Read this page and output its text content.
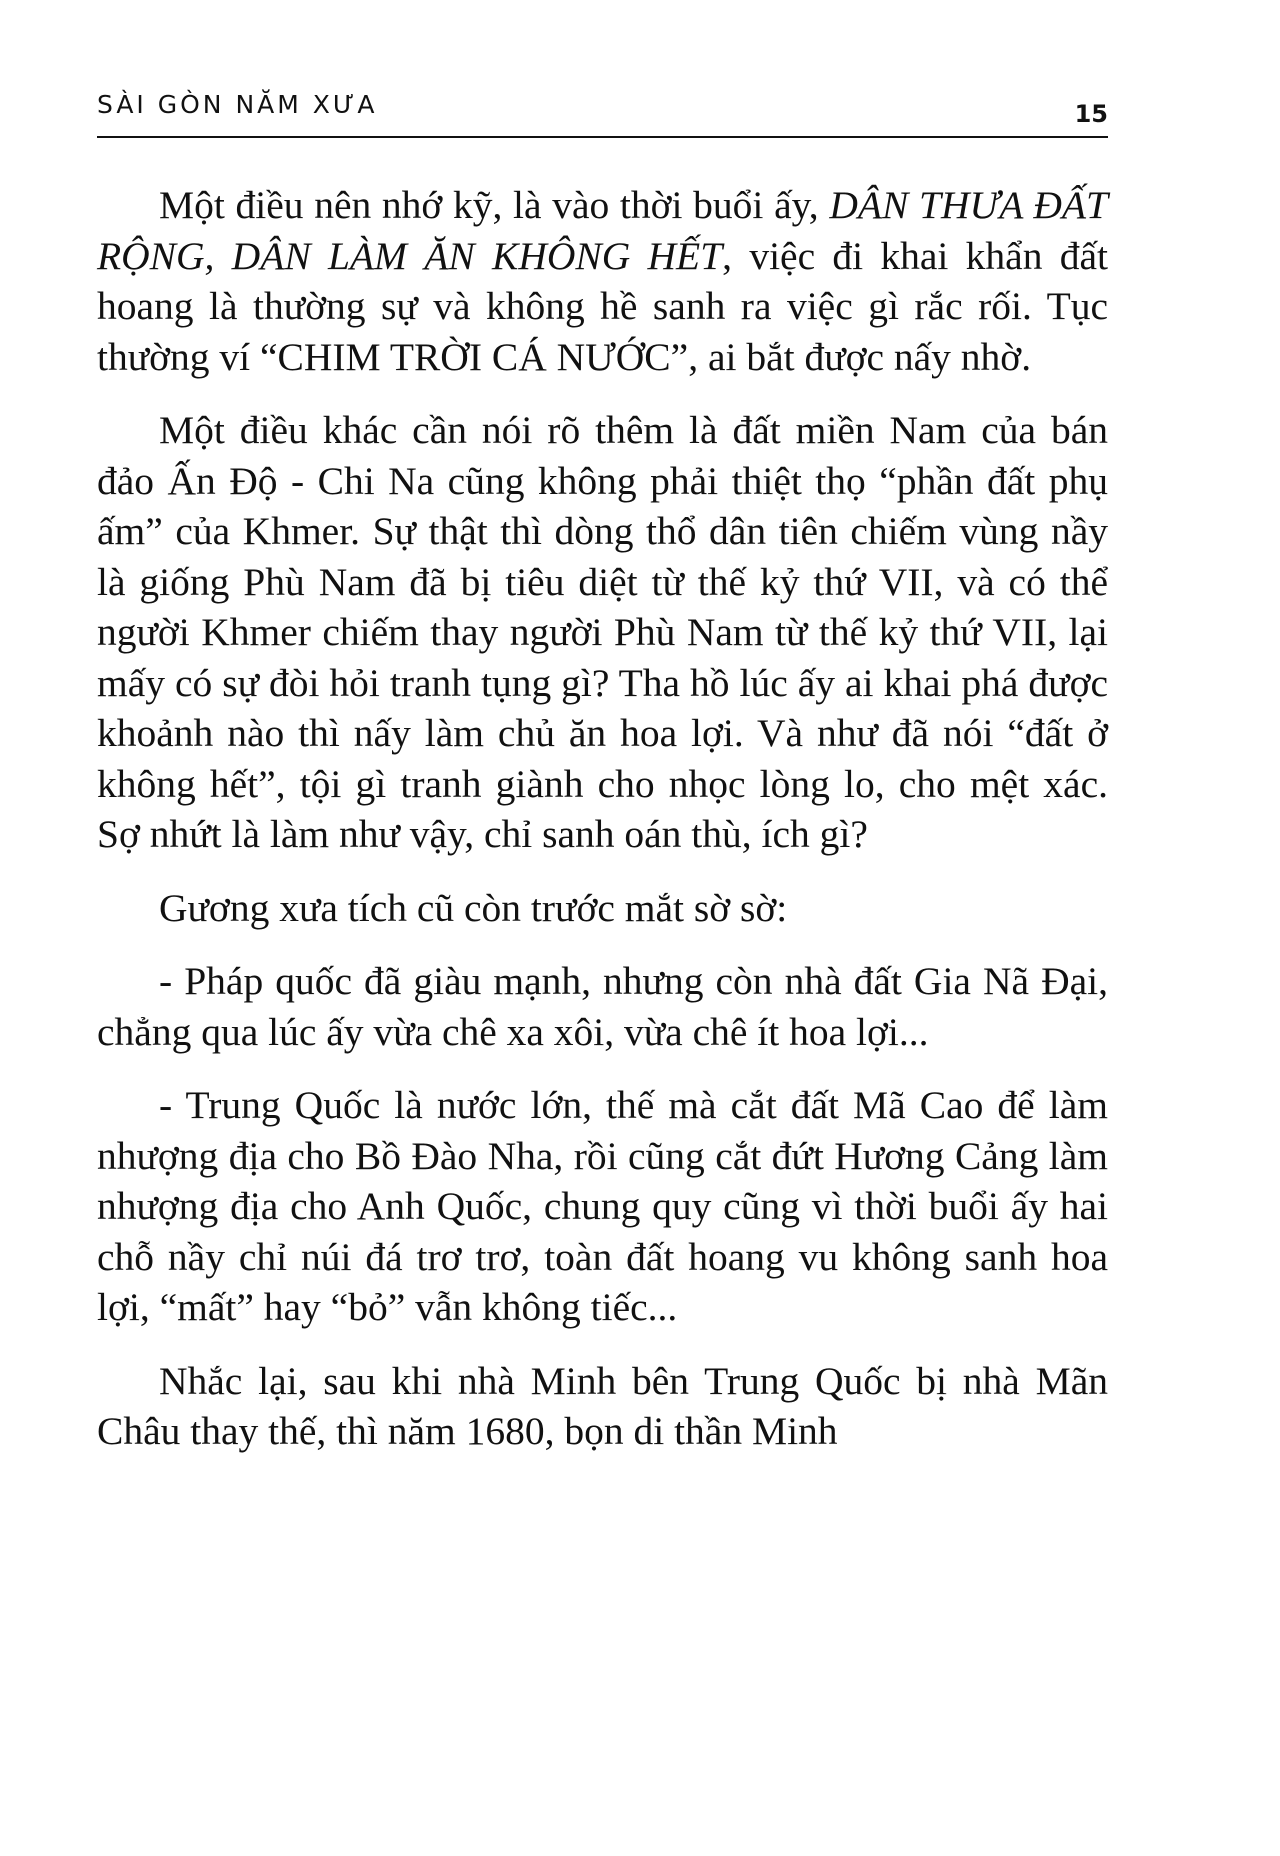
SÀI GÒN NĂM XƯA	15

Một điều nên nhớ kỹ, là vào thời buổi ấy, DÂN THƯA ĐẤT RỘNG, DÂN LÀM ĂN KHÔNG HẾT, việc đi khai khẩn đất hoang là thường sự và không hề sanh ra việc gì rắc rối. Tục thường ví “CHIM TRỜI CÁ NƯỚC”, ai bắt được nấy nhờ.

Một điều khác cần nói rõ thêm là đất miền Nam của bán đảo Ấn Độ - Chi Na cũng không phải thiệt thọ “phần đất phụ ấm” của Khmer. Sự thật thì dòng thổ dân tiên chiếm vùng nầy là giống Phù Nam đã bị tiêu diệt từ thế kỷ thứ VII, và có thể người Khmer chiếm thay người Phù Nam từ thế kỷ thứ VII, lại mấy có sự đòi hỏi tranh tụng gì? Tha hồ lúc ấy ai khai phá được khoảnh nào thì nấy làm chủ ăn hoa lợi. Và như đã nói “đất ở không hết”, tội gì tranh giành cho nhọc lòng lo, cho mệt xác. Sợ nhứt là làm như vậy, chỉ sanh oán thù, ích gì?

Gương xưa tích cũ còn trước mắt sờ sờ:

- Pháp quốc đã giàu mạnh, nhưng còn nhà đất Gia Nã Đại, chẳng qua lúc ấy vừa chê xa xôi, vừa chê ít hoa lợi...

- Trung Quốc là nước lớn, thế mà cắt đất Mã Cao để làm nhượng địa cho Bồ Đào Nha, rồi cũng cắt đứt Hương Cảng làm nhượng địa cho Anh Quốc, chung quy cũng vì thời buổi ấy hai chỗ nầy chỉ núi đá trơ trơ, toàn đất hoang vu không sanh hoa lợi, “mất” hay “bỏ” vẫn không tiếc...

Nhắc lại, sau khi nhà Minh bên Trung Quốc bị nhà Mãn Châu thay thế, thì năm 1680, bọn di thần Minh
